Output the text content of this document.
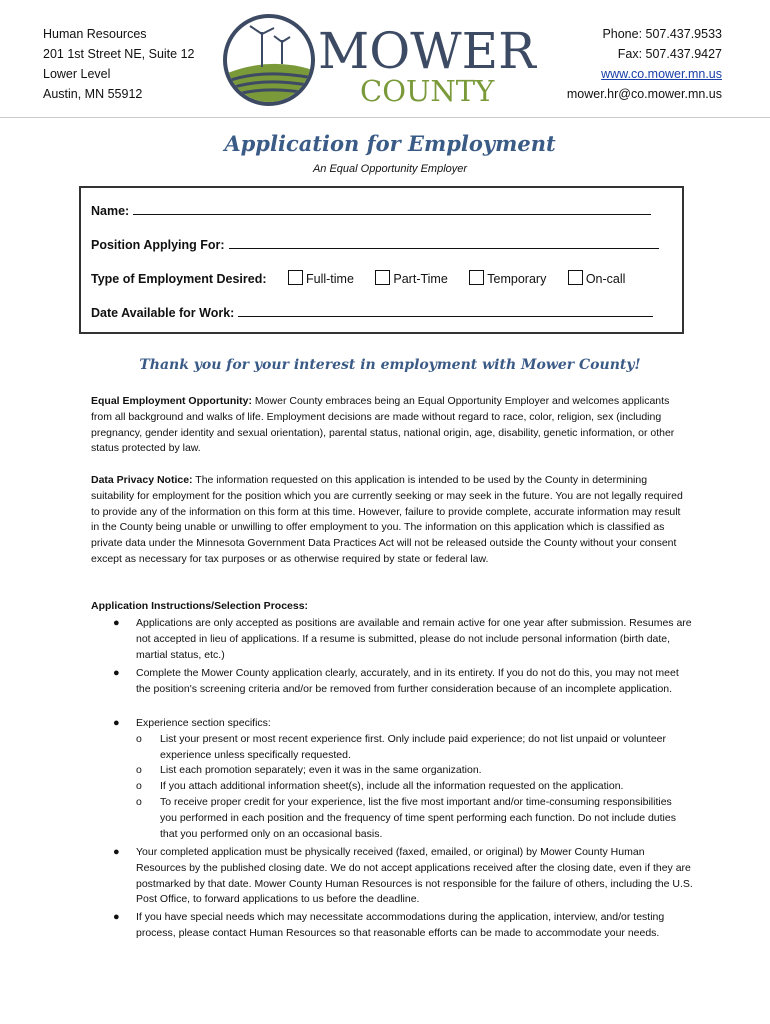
Human Resources
201 1st Street NE, Suite 12
Lower Level
Austin, MN 55912
MOWER
COUNTY
Phone: 507.437.9533
Fax: 507.437.9427
www.co.mower.mn.us
mower.hr@co.mower.mn.us
Application for Employment
An Equal Opportunity Employer
Name:
Position Applying For:
Type of Employment Desired:	Full-time	Part-Time	Temporary	On-call
Date Available for Work:
Thank you for your interest in employment with Mower County!
Equal Employment Opportunity: Mower County embraces being an Equal Opportunity Employer and welcomes applicants from all background and walks of life. Employment decisions are made without regard to race, color, religion, sex (including pregnancy, gender identity and sexual orientation), parental status, national origin, age, disability, genetic information, or other status protected by law.
Data Privacy Notice: The information requested on this application is intended to be used by the County in determining suitability for employment for the position which you are currently seeking or may seek in the future. You are not legally required to provide any of the information on this form at this time. However, failure to provide complete, accurate information may result in the County being unable or unwilling to offer employment to you. The information on this application which is classified as private data under the Minnesota Government Data Practices Act will not be released outside the County without your consent except as necessary for tax purposes or as otherwise required by state or federal law.
Application Instructions/Selection Process:
● Applications are only accepted as positions are available and remain active for one year after submission. Resumes are not accepted in lieu of applications. If a resume is submitted, please do not include personal information (birth date, martial status, etc.)
● Complete the Mower County application clearly, accurately, and in its entirety. If you do not do this, you may not meet the position's screening criteria and/or be removed from further consideration because of an incomplete application.
● Experience section specifics:
o List your present or most recent experience first. Only include paid experience; do not list unpaid or volunteer experience unless specifically requested.
o List each promotion separately; even it was in the same organization.
o If you attach additional information sheet(s), include all the information requested on the application.
o To receive proper credit for your experience, list the five most important and/or time-consuming responsibilities you performed in each position and the frequency of time spent performing each function. Do not include duties that you performed only on an occasional basis.
● Your completed application must be physically received (faxed, emailed, or original) by Mower County Human Resources by the published closing date. We do not accept applications received after the closing date, even if they are postmarked by that date. Mower County Human Resources is not responsible for the failure of others, including the U.S. Post Office, to forward applications to us before the deadline.
● If you have special needs which may necessitate accommodations during the application, interview, and/or testing process, please contact Human Resources so that reasonable efforts can be made to accommodate your needs.
